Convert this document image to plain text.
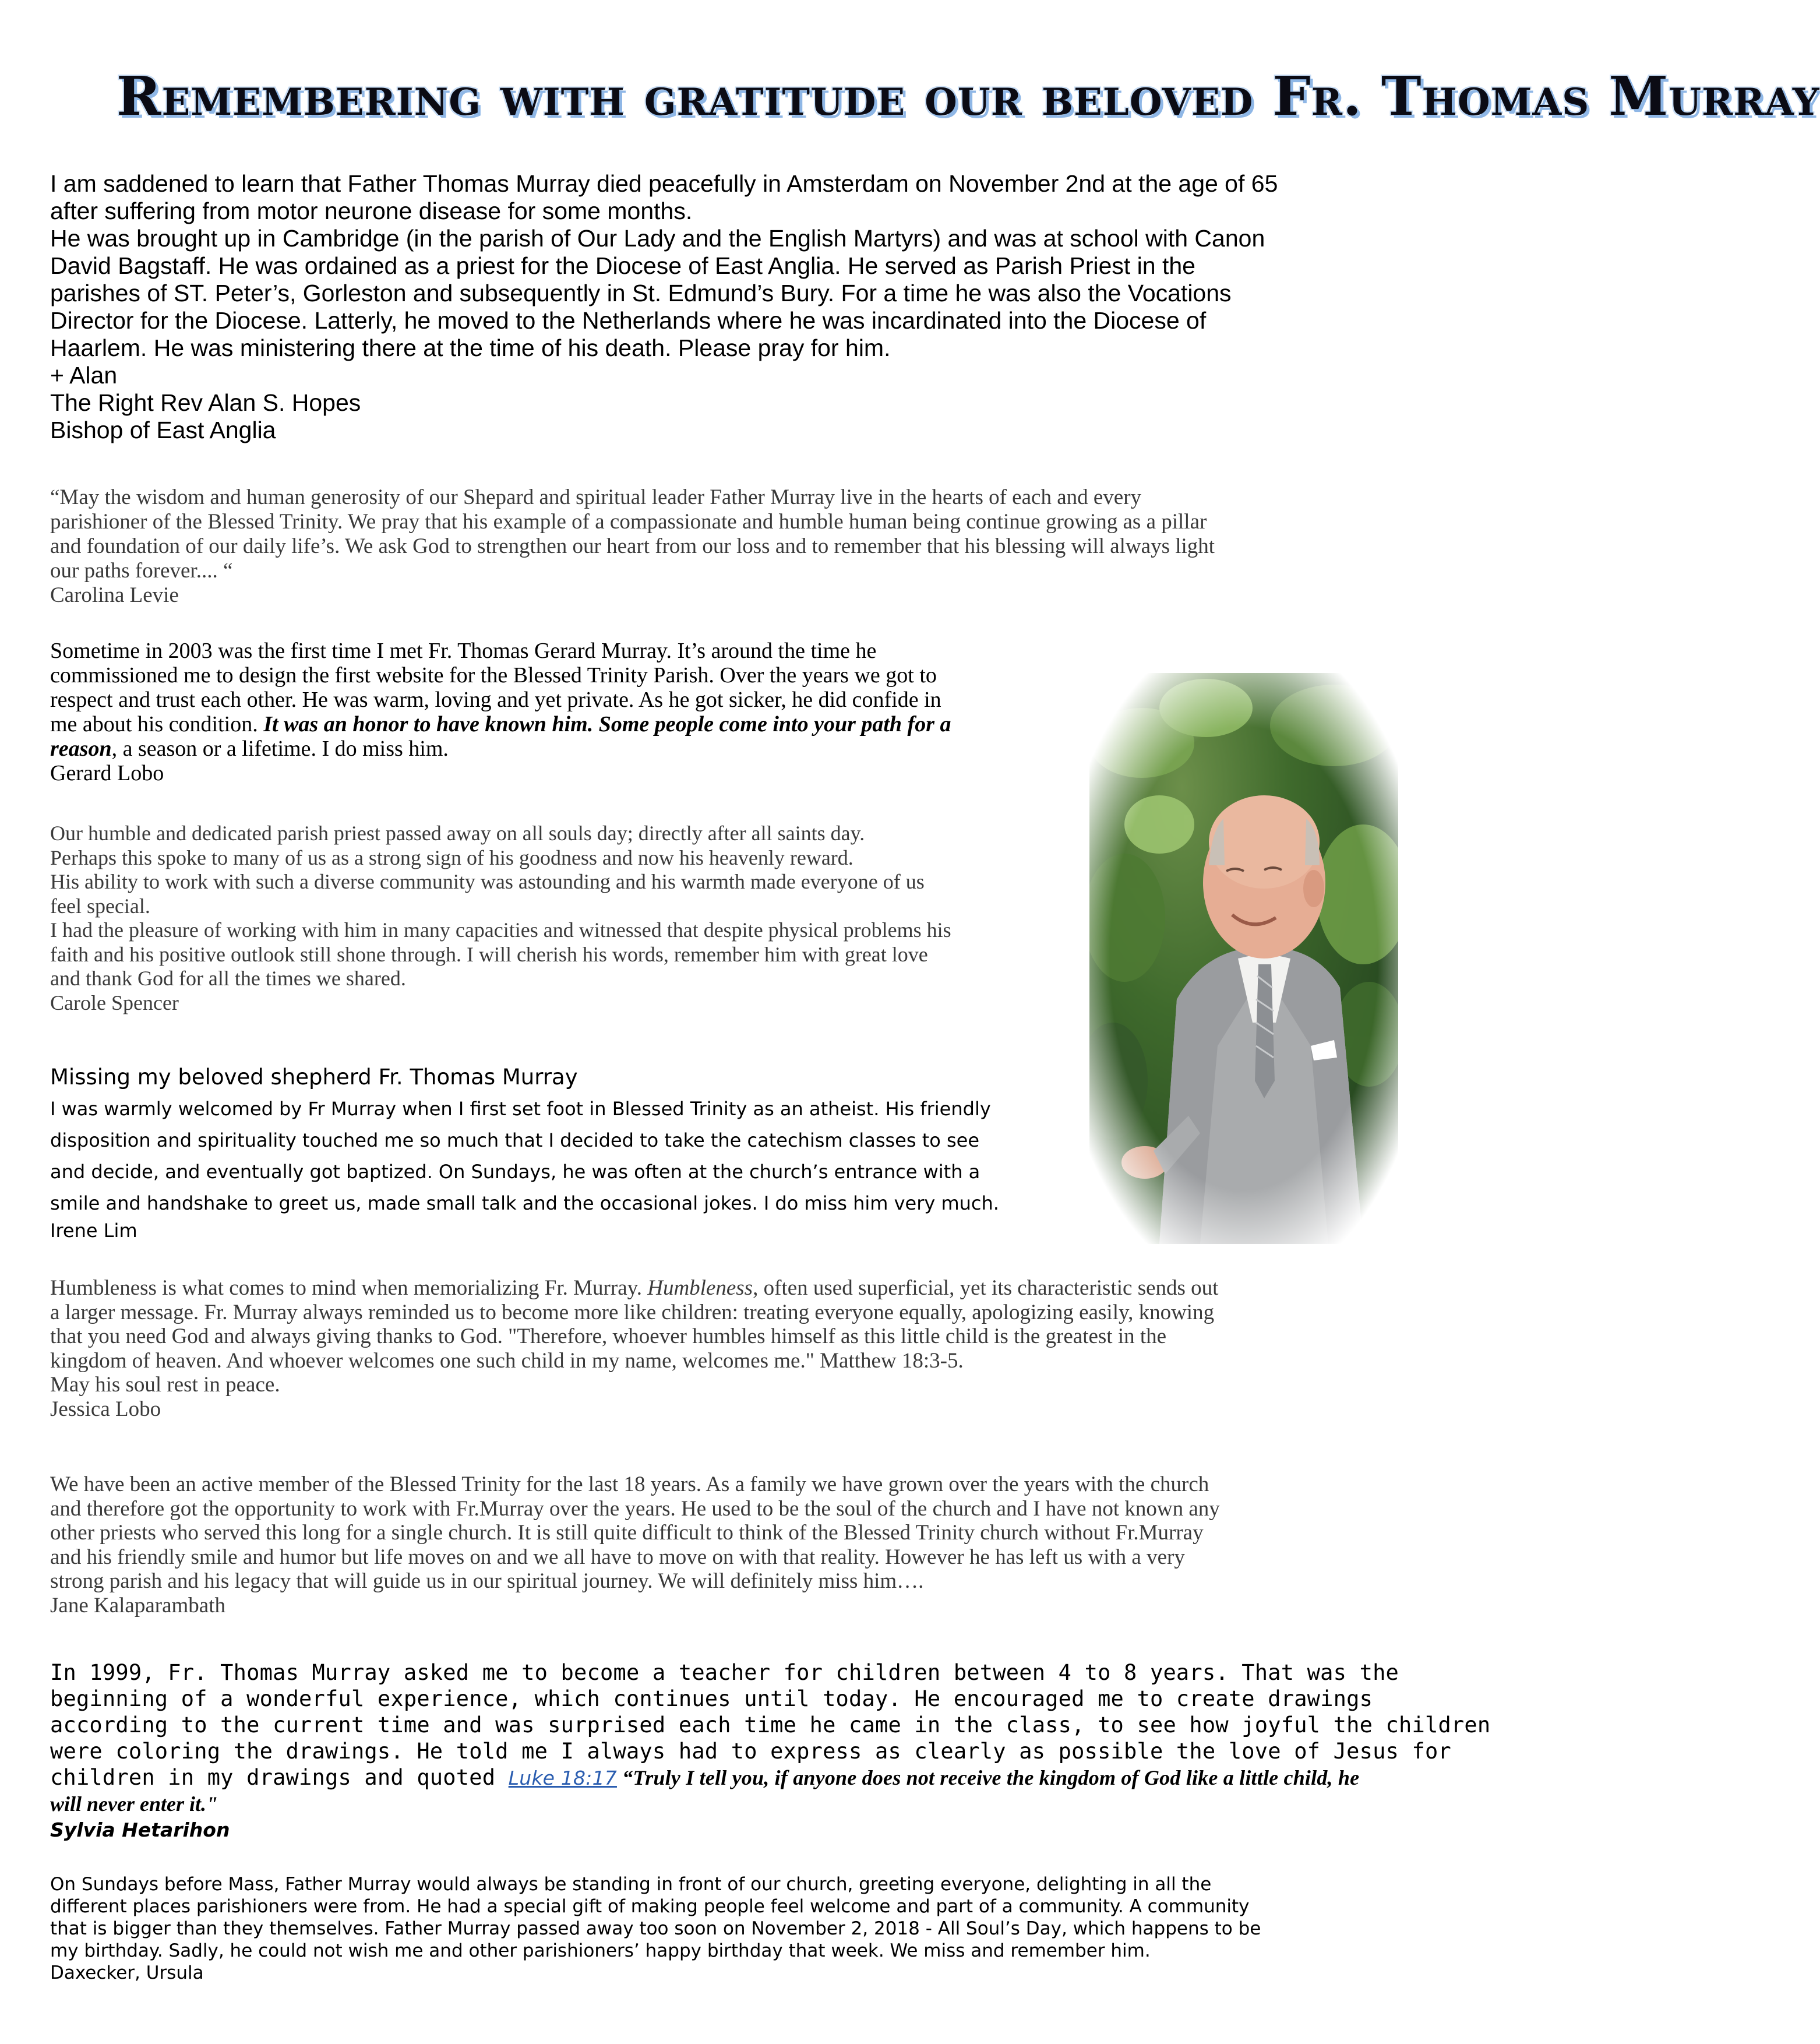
Remembering with gratitude our beloved Fr. Thomas Murray
I am saddened to learn that Father Thomas Murray died peacefully in Amsterdam on November 2nd at the age of 65
after suffering from motor neurone disease for some months.
He was brought up in Cambridge (in the parish of Our Lady and the English Martyrs) and was at school with Canon
David Bagstaff. He was ordained as a priest for the Diocese of East Anglia. He served as Parish Priest in the
parishes of ST. Peter’s, Gorleston and subsequently in St. Edmund’s Bury. For a time he was also the Vocations
Director for the Diocese. Latterly, he moved to the Netherlands where he was incardinated into the Diocese of
Haarlem. He was ministering there at the time of his death. Please pray for him.
+ Alan
The Right Rev Alan S. Hopes
Bishop of East Anglia
“May the wisdom and human generosity of our Shepard and spiritual leader Father Murray live in the hearts of each and every
parishioner of the Blessed Trinity. We pray that his example of a compassionate and humble human being continue growing as a pillar
and foundation of our daily life’s. We ask God to strengthen our heart from our loss and to remember that his blessing will always light
our paths forever.... “
Carolina Levie
Sometime in 2003 was the first time I met Fr. Thomas Gerard Murray. It’s around the time he
commissioned me to design the first website for the Blessed Trinity Parish. Over the years we got to
respect and trust each other. He was warm, loving and yet private. As he got sicker, he did confide in
me about his condition. It was an honor to have known him. Some people come into your path for a
reason, a season or a lifetime. I do miss him.
Gerard Lobo
Our humble and dedicated parish priest passed away on all souls day; directly after all saints day.
Perhaps this spoke to many of us as a strong sign of his goodness and now his heavenly reward.
His ability to work with such a diverse community was astounding and his warmth made everyone of us
feel special.
I had the pleasure of working with him in many capacities and witnessed that despite physical problems his
faith and his positive outlook still shone through. I will cherish his words, remember him with great love
and thank God for all the times we shared.
Carole Spencer
Missing my beloved shepherd Fr. Thomas Murray
I was warmly welcomed by Fr Murray when I first set foot in Blessed Trinity as an atheist. His friendly
disposition and spirituality touched me so much that I decided to take the catechism classes to see
and decide, and eventually got baptized. On Sundays, he was often at the church’s entrance with a
smile and handshake to greet us, made small talk and the occasional jokes. I do miss him very much.
Irene Lim
Humbleness is what comes to mind when memorializing Fr. Murray. Humbleness, often used superficial, yet its characteristic sends out
a larger message. Fr. Murray always reminded us to become more like children: treating everyone equally, apologizing easily, knowing
that you need God and always giving thanks to God. "Therefore, whoever humbles himself as this little child is the greatest in the
kingdom of heaven. And whoever welcomes one such child in my name, welcomes me." Matthew 18:3-5.
May his soul rest in peace.
Jessica Lobo
We have been an active member of the Blessed Trinity for the last 18 years. As a family we have grown over the years with the church
and therefore got the opportunity to work with Fr.Murray over the years. He used to be the soul of the church and I have not known any
other priests who served this long for a single church. It is still quite difficult to think of the Blessed Trinity church without Fr.Murray
and his friendly smile and humor but life moves on and we all have to move on with that reality. However he has left us with a very
strong parish and his legacy that will guide us in our spiritual journey. We will definitely miss him….
Jane Kalaparambath
In 1999, Fr. Thomas Murray asked me to become a teacher for children between 4 to 8 years. That was the
beginning of a wonderful experience, which continues until today. He encouraged me to create drawings
according to the current time and was surprised each time he came in the class, to see how joyful the children
were coloring the drawings. He told me I always had to express as clearly as possible the love of Jesus for
children in my drawings and quoted Luke 18:17 “Truly I tell you, if anyone does not receive the kingdom of God like a little child, he
will never enter it."
Sylvia Hetarihon
On Sundays before Mass, Father Murray would always be standing in front of our church, greeting everyone, delighting in all the
different places parishioners were from. He had a special gift of making people feel welcome and part of a community. A community
that is bigger than they themselves. Father Murray passed away too soon on November 2, 2018 - All Soul’s Day, which happens to be
my birthday. Sadly, he could not wish me and other parishioners’ happy birthday that week. We miss and remember him.
Daxecker, Ursula
